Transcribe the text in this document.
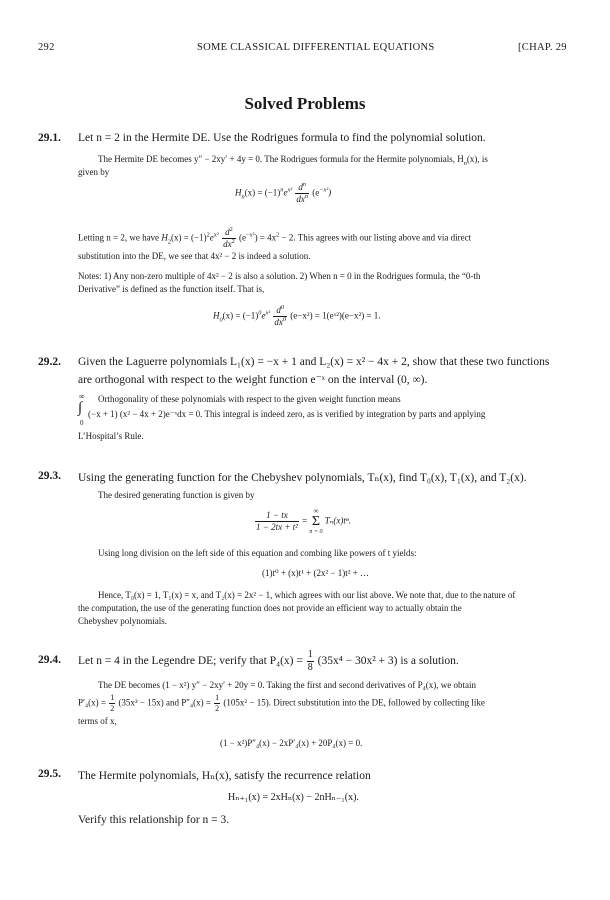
292	SOME CLASSICAL DIFFERENTIAL EQUATIONS	[CHAP. 29
Solved Problems
29.1. Let n = 2 in the Hermite DE. Use the Rodrigues formula to find the polynomial solution.
The Hermite DE becomes y″ − 2xy′ + 4y = 0. The Rodrigues formula for the Hermite polynomials, $H_n(x)$, is
given by
$H_n(x) = (-1)^ne^{x^2} \frac{d^n}{dx^n} (e^{-x^2})$
Letting n = 2, we have $H_2(x) = (-1)^2e^{x^2} \frac{d^2}{dx^2} (e^{-x^2}) = 4x^2 - 2$. This agrees with our listing above and via direct
substitution into the DE, we see that 4x² − 2 is indeed a solution.
Notes: 1) Any non-zero multiple of 4x² − 2 is also a solution. 2) When n = 0 in the Rodrigues formula, the “0-th
Derivative” is defined as the function itself. That is,
$H_0(x) = (-1)^0e^{x^2} \frac{d^0}{dx^0} (e-x^2)$ = 1(eˣ²)(e−x²) = 1.
29.2. Given the Laguerre polynomials L₁(x) = −x + 1 and L₂(x) = x² − 4x + 2, show that these two functions
are orthogonal with respect to the weight function e⁻ˣ on the interval (0, ∞).
Orthogonality of these polynomials with respect to the given weight function means
∞
∫
0
(−x + 1) (x² − 4x + 2)e⁻ˣdx = 0. This integral is indeed zero, as is verified by integration by parts and applying
L’Hospital’s Rule.
29.3. Using the generating function for the Chebyshev polynomials, Tₙ(x), find T₀(x), T₁(x), and T₂(x).
The desired generating function is given by
$\frac{1 - tx}{\text{1 − 2tx + t²}}$ =
∞
Σ
n = 0
Tₙ(x)tⁿ.
Using long division on the left side of this equation and combing like powers of t yields:
(1)t⁰ + (x)t¹ + (2x² − 1)t² + …
Hence, T₀(x) = 1, T₁(x) = x, and T₂(x) = 2x² − 1, which agrees with our list above. We note that, due to the nature of
the computation, the use of the generating function does not provide an efficient way to actually obtain the
Chebyshev polynomials.
29.4. Let n = 4 in the Legendre DE; verify that $P_4(x) = \frac{1}{8} (35x^4 - 30x^2 + 3)$ is a solution.
The DE becomes (1 − x²) y″ − 2xy′ + 20y = 0. Taking the first and second derivatives of P₄(x), we obtain
$P'_4(x) = \frac{1}{2} (35x^3 - 15x)$ and $P''_4(x) = \frac{1}{2} (105x^2 - 15)$. Direct substitution into the DE, followed by collecting like
terms of x,
(1 − x²)P″₄(x) − 2xP′₄(x) + 20P₄(x) = 0.
29.5. The Hermite polynomials, Hₙ(x), satisfy the recurrence relation
Hₙ₊₁(x) = 2xHₙ(x) − 2nHₙ₋₁(x).
Verify this relationship for n = 3.
